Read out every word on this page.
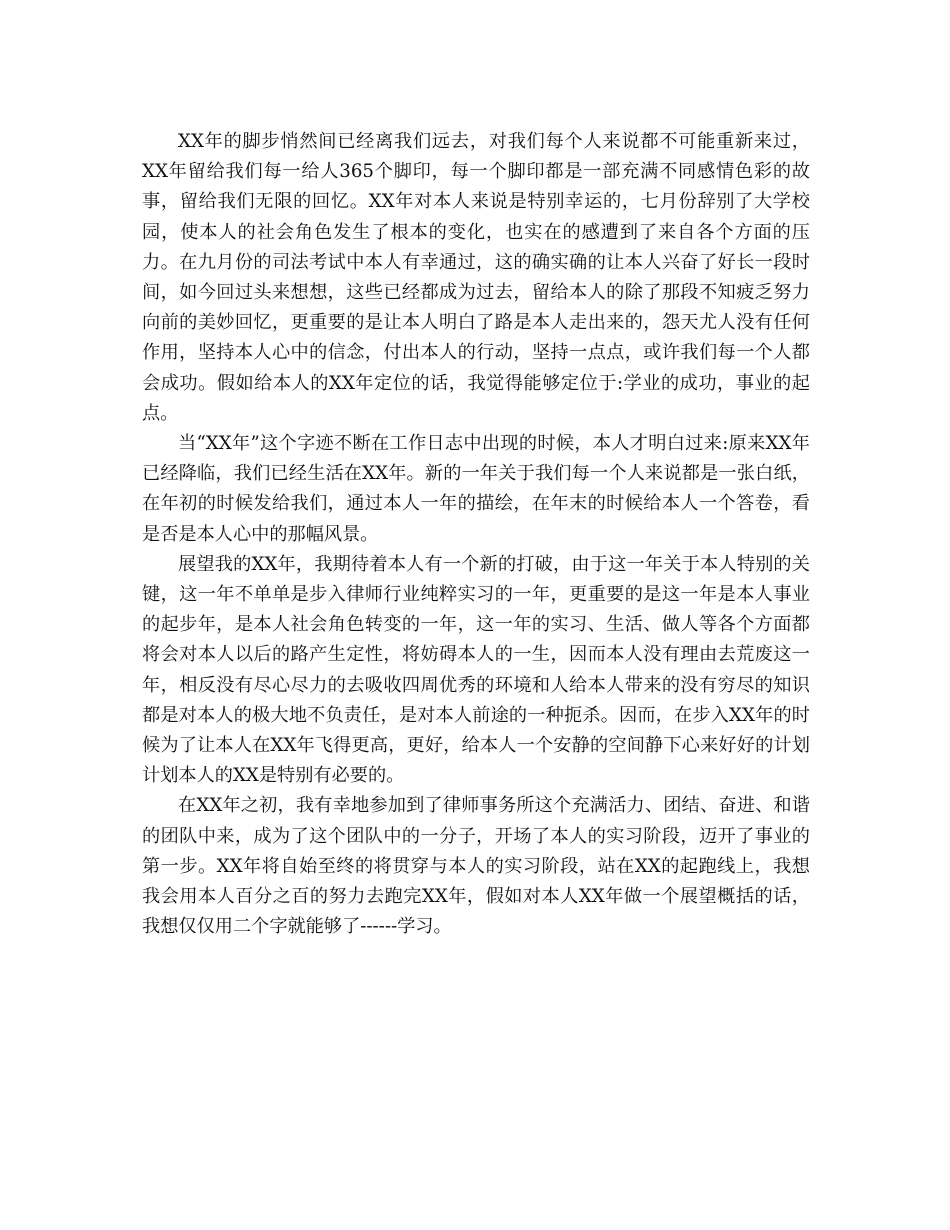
XX年的脚步悄然间已经离我们远去，对我们每个人来说都不可能重新来过，XX年留给我们每一给人365个脚印，每一个脚印都是一部充满不同感情色彩的故事，留给我们无限的回忆。XX年对本人来说是特别幸运的，七月份辞别了大学校园，使本人的社会角色发生了根本的变化，也实在的感遭到了来自各个方面的压力。在九月份的司法考试中本人有幸通过，这的确实确的让本人兴奋了好长一段时间，如今回过头来想想，这些已经都成为过去，留给本人的除了那段不知疲乏努力向前的美妙回忆，更重要的是让本人明白了路是本人走出来的，怨天尤人没有任何作用，坚持本人心中的信念，付出本人的行动，坚持一点点，或许我们每一个人都会成功。假如给本人的XX年定位的话，我觉得能够定位于:学业的成功，事业的起点。

当“XX年”这个字迹不断在工作日志中出现的时候，本人才明白过来:原来XX年已经降临，我们已经生活在XX年。新的一年关于我们每一个人来说都是一张白纸，在年初的时候发给我们，通过本人一年的描绘，在年末的时候给本人一个答卷，看是否是本人心中的那幅风景。

展望我的XX年，我期待着本人有一个新的打破，由于这一年关于本人特别的关键，这一年不单单是步入律师行业纯粹实习的一年，更重要的是这一年是本人事业的起步年，是本人社会角色转变的一年，这一年的实习、生活、做人等各个方面都将会对本人以后的路产生定性，将妨碍本人的一生，因而本人没有理由去荒废这一年，相反没有尽心尽力的去吸收四周优秀的环境和人给本人带来的没有穷尽的知识都是对本人的极大地不负责任，是对本人前途的一种扼杀。因而，在步入XX年的时候为了让本人在XX年飞得更高，更好，给本人一个安静的空间静下心来好好的计划计划本人的XX是特别有必要的。

在XX年之初，我有幸地参加到了律师事务所这个充满活力、团结、奋进、和谐的团队中来，成为了这个团队中的一分子，开场了本人的实习阶段，迈开了事业的第一步。XX年将自始至终的将贯穿与本人的实习阶段，站在XX的起跑线上，我想我会用本人百分之百的努力去跑完XX年，假如对本人XX年做一个展望概括的话，我想仅仅用二个字就能够了------学习。
